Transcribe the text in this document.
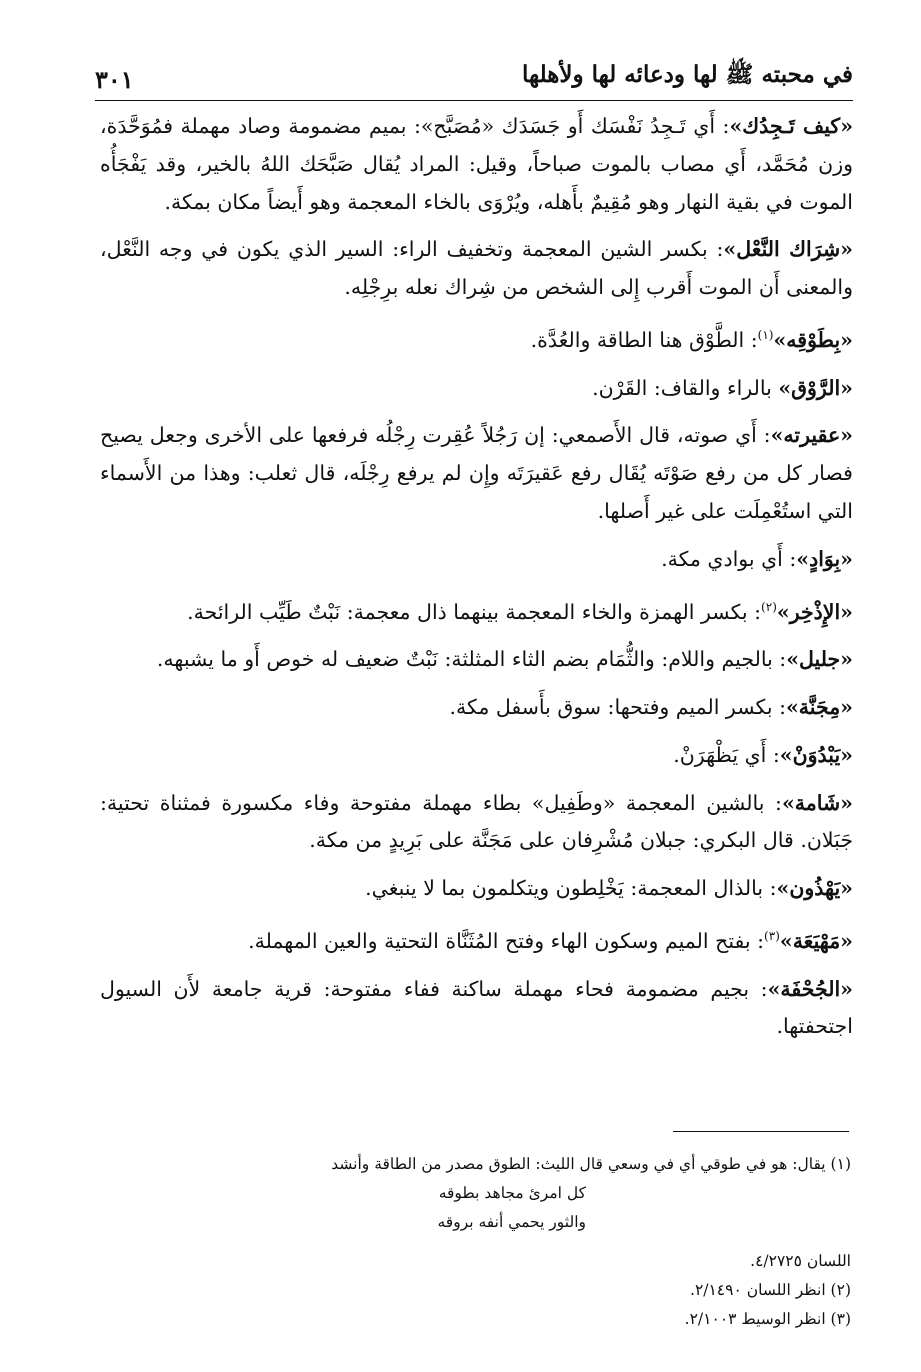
٣٠١	في محبته ﷺ لها ودعائه لها ولأهلها

«كيف تَـجِدُك»: أَي تَـجِدُ نَفْسَك أَو جَسَدَك «مُصَبَّح»: بميم مضمومة وصاد مهملة فمُوَحَّدَة، وزن مُحَمَّد، أَي مصاب بالموت صباحاً، وقيل: المراد يُقال صَبَّحَك اللهُ بالخير، وقد يَفْجَأُه الموت في بقية النهار وهو مُقِيمٌ بأَهله، ويُرْوَى بالخاء المعجمة وهو أَيضاً مكان بمكة.

«شِرَاك النَّعْل»: بكسر الشين المعجمة وتخفيف الراء: السير الذي يكون في وجه النَّعْل، والمعنى أَن الموت أَقرب إِلى الشخص من شِراك نعله برِجْلِه.

«بِطَوْقِه»$^{(١)}$: الطَّوْق هنا الطاقة والعُدَّة.

«الرَّوْق» بالراء والقاف: القَرْن.

«عقيرته»: أَي صوته، قال الأَصمعي: إن رَجُلاً عُقِرت رِجْلُه فرفعها على الأخرى وجعل يصيح فصار كل من رفع صَوْتَه يُقَال رفع عَقيرَتَه وإِن لم يرفع رِجْلَه، قال ثعلب: وهذا من الأَسماء التي استُعْمِلَت على غير أَصلها.

«بِوَادٍ»: أَي بوادي مكة.

«الإِذْخِر»$^{(٢)}$: بكسر الهمزة والخاء المعجمة بينهما ذال معجمة: نَبْتٌ طَيِّب الرائحة.

«جليل»: بالجيم واللام: والثُّمَام بضم الثاء المثلثة: نَبْتٌ ضعيف له خوص أَو ما يشبهه.

«مِجَنَّة»: بكسر الميم وفتحها: سوق بأَسفل مكة.

«يَبْدُوَنْ»: أَي يَظْهَرَنْ.

«شَامة»: بالشين المعجمة «وطَفِيل» بطاء مهملة مفتوحة وفاء مكسورة فمثناة تحتية: جَبَلان. قال البكري: جبلان مُشْرِفان على مَجَنَّة على بَرِيدٍ من مكة.

«يَهْذُون»: بالذال المعجمة: يَخْلِطون ويتكلمون بما لا ينبغي.

«مَهْيَعَة»$^{(٣)}$: بفتح الميم وسكون الهاء وفتح المُثَنَّاة التحتية والعين المهملة.

«الجُحْفَة»: بجيم مضمومة فحاء مهملة ساكنة ففاء مفتوحة: قرية جامعة لأَن السيول اجتحفتها.

(١) يقال: هو في طوقي أي في وسعي قال الليث: الطوق مصدر من الطاقة وأنشد

كل امرئ مجاهد بطوقه

والثور يحمي أنفه بروقه

اللسان ٤/٢٧٢٥.

(٢) انظر اللسان ٢/١٤٩٠.

(٣) انظر الوسيط ٢/١٠٠٣.
